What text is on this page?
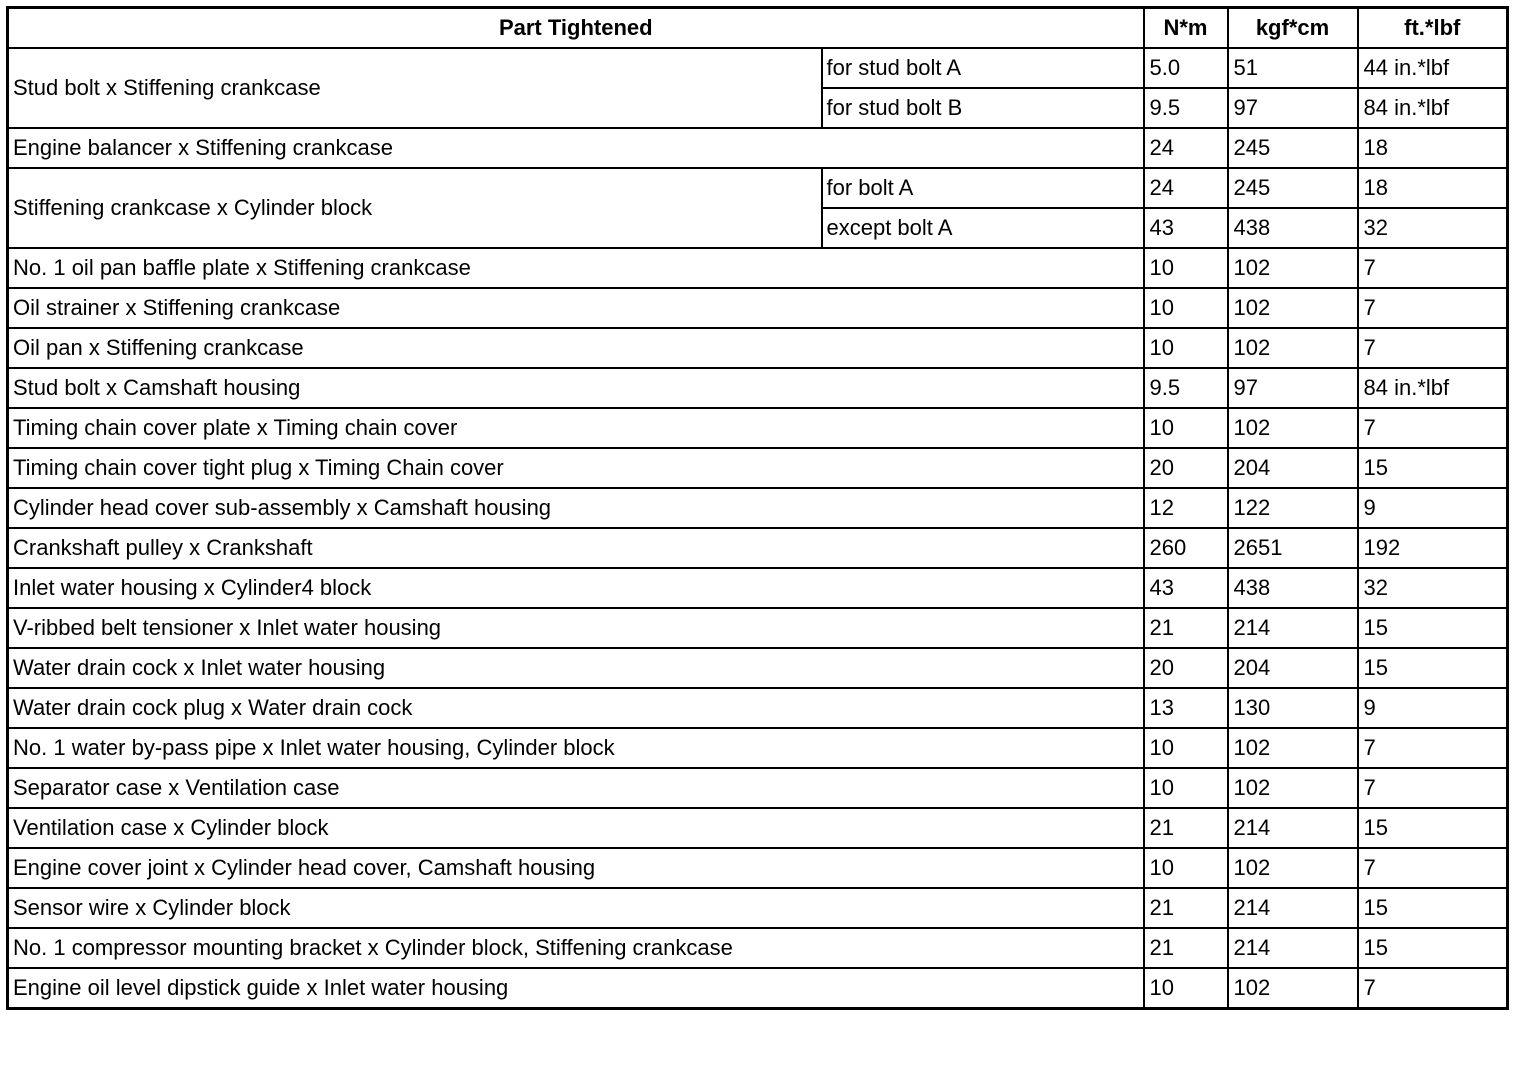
Part Tightened		N*m	kgf*cm	ft.*lbf
Stud bolt x Stiffening crankcase	for stud bolt A	5.0	51	44 in.*lbf
	for stud bolt B	9.5	97	84 in.*lbf
Engine balancer x Stiffening crankcase		24	245	18
Stiffening crankcase x Cylinder block	for bolt A	24	245	18
	except bolt A	43	438	32
No. 1 oil pan baffle plate x Stiffening crankcase		10	102	7
Oil strainer x Stiffening crankcase		10	102	7
Oil pan x Stiffening crankcase		10	102	7
Stud bolt x Camshaft housing		9.5	97	84 in.*lbf
Timing chain cover plate x Timing chain cover		10	102	7
Timing chain cover tight plug x Timing Chain cover		20	204	15
Cylinder head cover sub-assembly x Camshaft housing		12	122	9
Crankshaft pulley x Crankshaft		260	2651	192
Inlet water housing x Cylinder4 block		43	438	32
V-ribbed belt tensioner x Inlet water housing		21	214	15
Water drain cock x Inlet water housing		20	204	15
Water drain cock plug x Water drain cock		13	130	9
No. 1 water by-pass pipe x Inlet water housing, Cylinder block		10	102	7
Separator case x Ventilation case		10	102	7
Ventilation case x Cylinder block		21	214	15
Engine cover joint x Cylinder head cover, Camshaft housing		10	102	7
Sensor wire x Cylinder block		21	214	15
No. 1 compressor mounting bracket x Cylinder block, Stiffening crankcase		21	214	15
Engine oil level dipstick guide x Inlet water housing		10	102	7
